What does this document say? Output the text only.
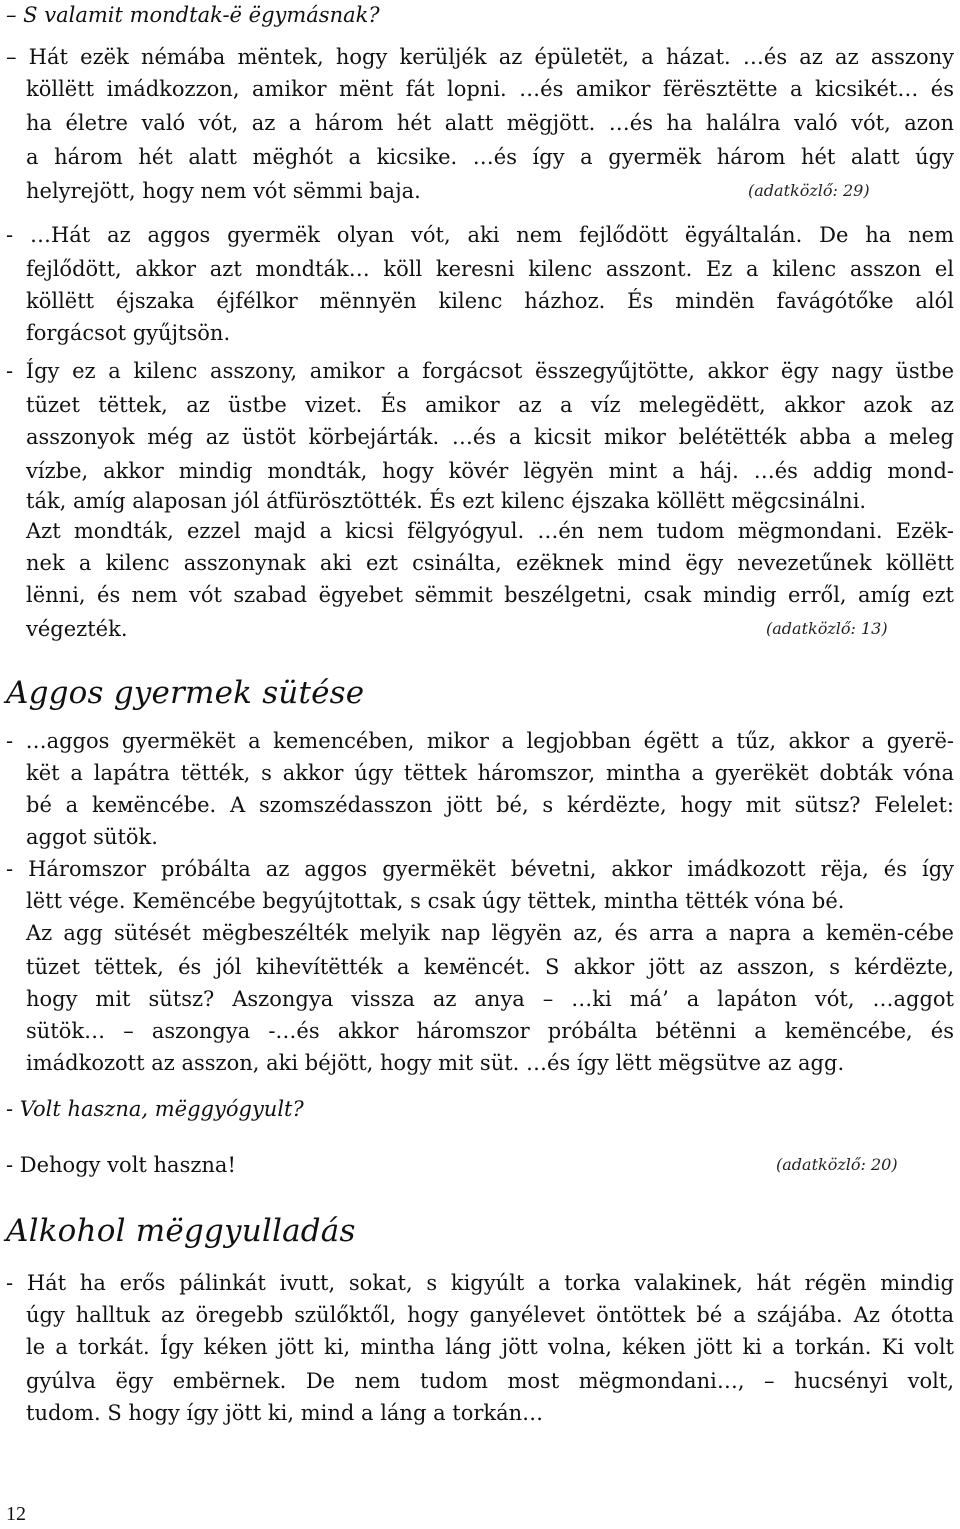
– S valamit mondtak-ë ëgymásnak?
– Hát ezëk némába mëntek, hogy kerüljék az épületët, a házat. …és az az asszony
köllëtt imádkozzon, amikor mënt fát lopni. …és amikor fërësztëtte a kicsikét… és
ha életre való vót, az a három hét alatt mëgjött. …és ha halálra való vót, azon
a három hét alatt mëghót a kicsike. …és így a gyermëk három hét alatt úgy
helyrejött, hogy nem vót sëmmi baja.	(adatközlő: 29)
- …Hát az aggos gyermëk olyan vót, aki nem fejlődött ëgyáltalán. De ha nem
fejlődött, akkor azt mondták… köll keresni kilenc asszont. Ez a kilenc asszon el
köllëtt éjszaka éjfélkor mënnyën kilenc házhoz. És mindën favágótőke alól
forgácsot gyűjtsön.
- Így ez a kilenc asszony, amikor a forgácsot ësszegyűjtötte, akkor ëgy nagy üstbe
tüzet tëttek, az üstbe vizet. És amikor az a víz melegëdëtt, akkor azok az
asszonyok még az üstöt körbejárták. …és a kicsit mikor belétëtték abba a meleg
vízbe, akkor mindig mondták, hogy kövér lëgyën mint a háj. …és addig mond-
ták, amíg alaposan jól átfürösztötték. És ezt kilenc éjszaka köllëtt mëgcsinálni.
Azt mondták, ezzel majd a kicsi fëlgyógyul. …én nem tudom mëgmondani. Ezëk-
nek a kilenc asszonynak aki ezt csinálta, ezëknek mind ëgy nevezetűnek köllëtt
lënni, és nem vót szabad ëgyebet sëmmit beszélgetni, csak mindig erről, amíg ezt
végezték.	(adatközlő: 13)
Aggos gyermek sütése
- …aggos gyermëkët a kemencében, mikor a legjobban égëtt a tűz, akkor a gyerë-
kët a lapátra tëtték, s akkor úgy tëttek háromszor, mintha a gyerëkët dobták vóna
bé a keмëncébe. A szomszédasszon jött bé, s kérdëzte, hogy mit sütsz? Felelet:
aggot sütök.
- Háromszor próbálta az aggos gyermëkët bévetni, akkor imádkozott rëja, és így
lëtt vége. Kemëncébe begyújtottak, s csak úgy tëttek, mintha tëtték vóna bé.
Az agg sütését mëgbeszélték melyik nap lëgyën az, és arra a napra a kemën-cébe
tüzet tëttek, és jól kihevítëtték a keмëncét. S akkor jött az asszon, s kérdëzte,
hogy mit sütsz? Aszongya vissza az anya – …ki má’ a lapáton vót, …aggot
sütök… – aszongya -…és akkor háromszor próbálta bétënni a kemëncébe, és
imádkozott az asszon, aki béjött, hogy mit süt. …és így lëtt mëgsütve az agg.
- Volt haszna, mëggyógyult?
- Dehogy volt haszna!	(adatközlő: 20)
Alkohol mëggyulladás
- Hát ha erős pálinkát ivutt, sokat, s kigyúlt a torka valakinek, hát régën mindig
úgy halltuk az öregebb szülőktől, hogy ganyélevet öntöttek bé a szájába. Az ótotta
le a torkát. Így kéken jött ki, mintha láng jött volna, kéken jött ki a torkán. Ki volt
gyúlva ëgy embërnek. De nem tudom most mëgmondani…, – hucsényi volt,
tudom. S hogy így jött ki, mind a láng a torkán…
12
